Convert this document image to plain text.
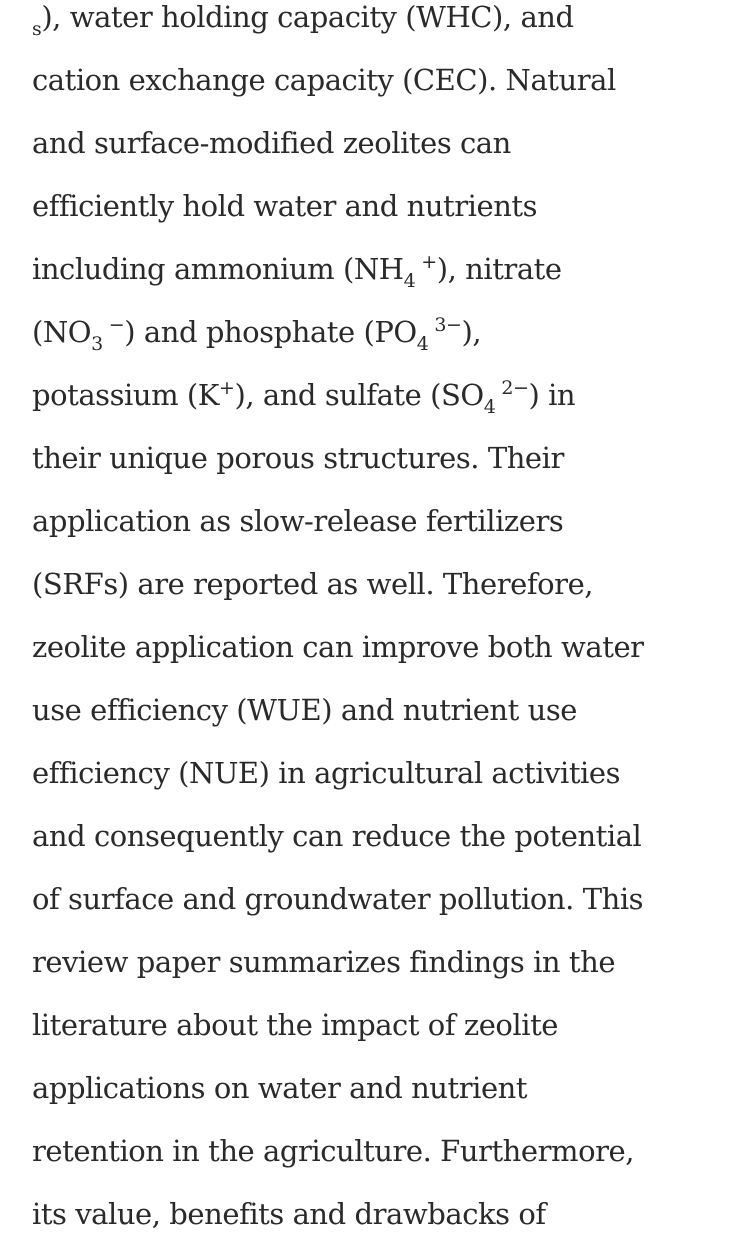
$_s$), water holding capacity (WHC), and
cation exchange capacity (CEC). Natural
and surface-modified zeolites can
efficiently hold water and nutrients
including ammonium $(NH_4^+)$, nitrate
$(NO_3^-)$ and phosphate $(PO_4^{3-})$,
potassium (K+), and sulfate $(SO_4^{2-})$ in
their unique porous structures. Their
application as slow-release fertilizers
(SRFs) are reported as well. Therefore,
zeolite application can improve both water
use efficiency (WUE) and nutrient use
efficiency (NUE) in agricultural activities
and consequently can reduce the potential
of surface and groundwater pollution. This
review paper summarizes findings in the
literature about the impact of zeolite
applications on water and nutrient
retention in the agriculture. Furthermore,
its value, benefits and drawbacks of
